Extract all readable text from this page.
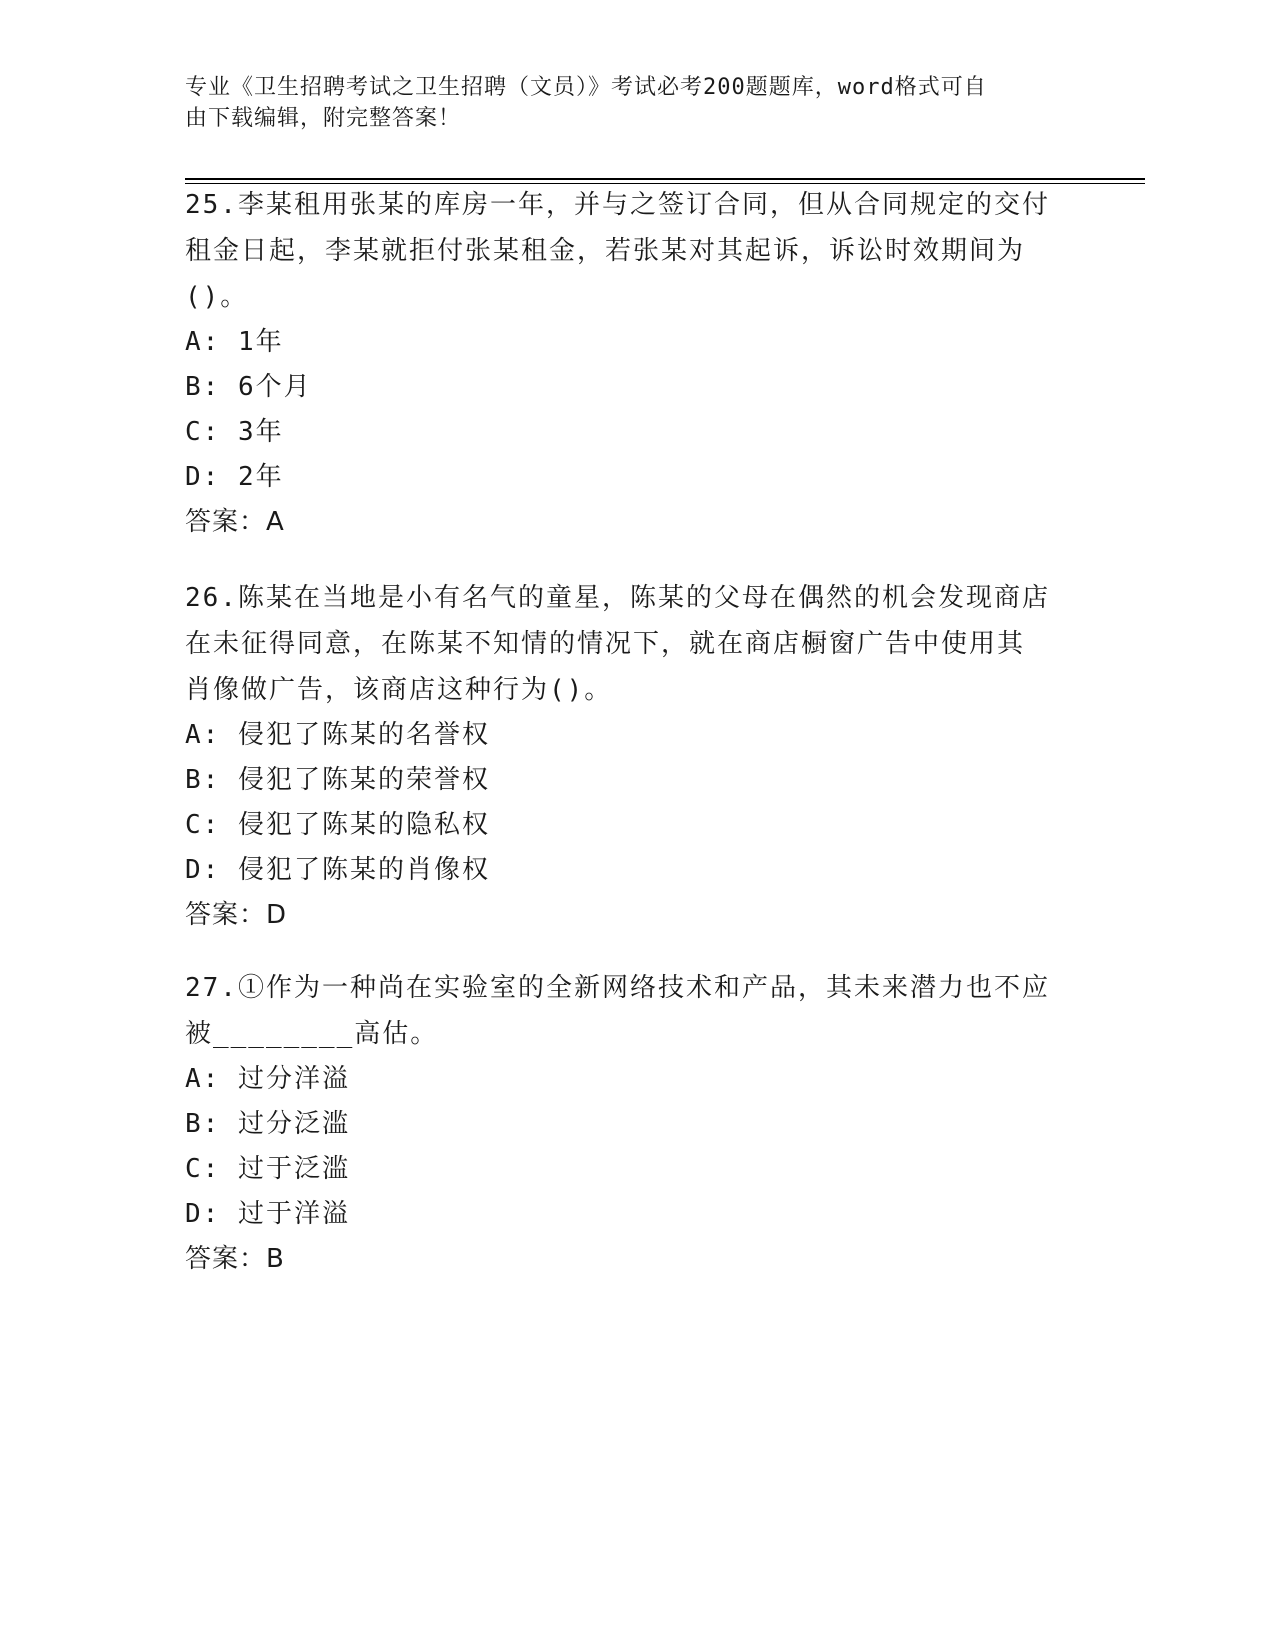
专业《卫生招聘考试之卫生招聘（文员）》考试必考200题题库，word格式可自
由下载编辑，附完整答案！

25.李某租用张某的库房一年，并与之签订合同，但从合同规定的交付
租金日起，李某就拒付张某租金，若张某对其起诉，诉讼时效期间为
()。

A: 1年

B: 6个月

C: 3年

D: 2年

答案：A

26.陈某在当地是小有名气的童星，陈某的父母在偶然的机会发现商店
在未征得同意，在陈某不知情的情况下，就在商店橱窗广告中使用其
肖像做广告，该商店这种行为()。

A: 侵犯了陈某的名誉权

B: 侵犯了陈某的荣誉权

C: 侵犯了陈某的隐私权

D: 侵犯了陈某的肖像权

答案：D

27.①作为一种尚在实验室的全新网络技术和产品，其未来潜力也不应
被________高估。

A: 过分洋溢

B: 过分泛滥

C: 过于泛滥

D: 过于洋溢

答案：B
